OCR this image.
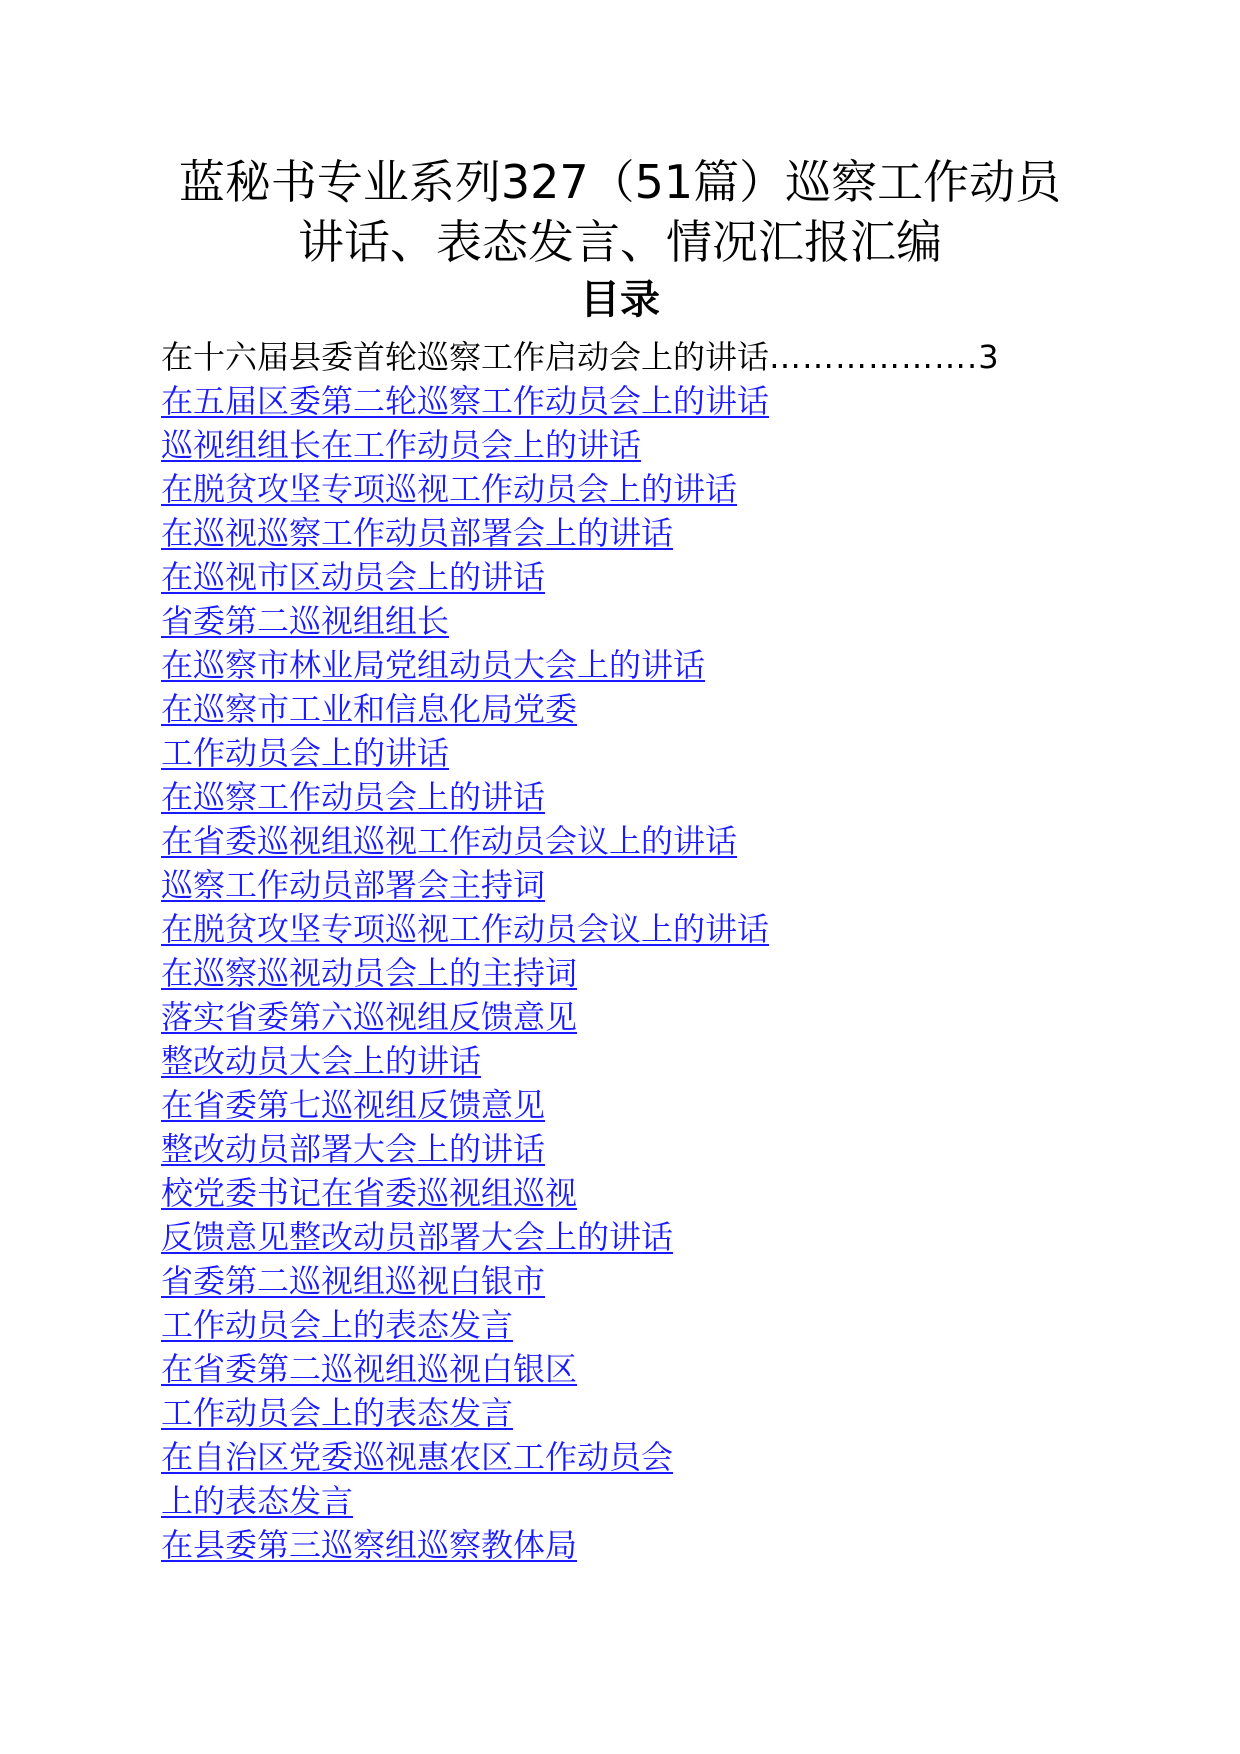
蓝秘书专业系列327（51篇）巡察工作动员
讲话、表态发言、情况汇报汇编
目录
在十六届县委首轮巡察工作启动会上的讲话……………….3
在五届区委第二轮巡察工作动员会上的讲话
巡视组组长在工作动员会上的讲话
在脱贫攻坚专项巡视工作动员会上的讲话
在巡视巡察工作动员部署会上的讲话
在巡视市区动员会上的讲话
省委第二巡视组组长
在巡察市林业局党组动员大会上的讲话
在巡察市工业和信息化局党委
工作动员会上的讲话
在巡察工作动员会上的讲话
在省委巡视组巡视工作动员会议上的讲话
巡察工作动员部署会主持词
在脱贫攻坚专项巡视工作动员会议上的讲话
在巡察巡视动员会上的主持词
落实省委第六巡视组反馈意见
整改动员大会上的讲话
在省委第七巡视组反馈意见
整改动员部署大会上的讲话
校党委书记在省委巡视组巡视
反馈意见整改动员部署大会上的讲话
省委第二巡视组巡视白银市
工作动员会上的表态发言
在省委第二巡视组巡视白银区
工作动员会上的表态发言
在自治区党委巡视惠农区工作动员会
上的表态发言
在县委第三巡察组巡察教体局
